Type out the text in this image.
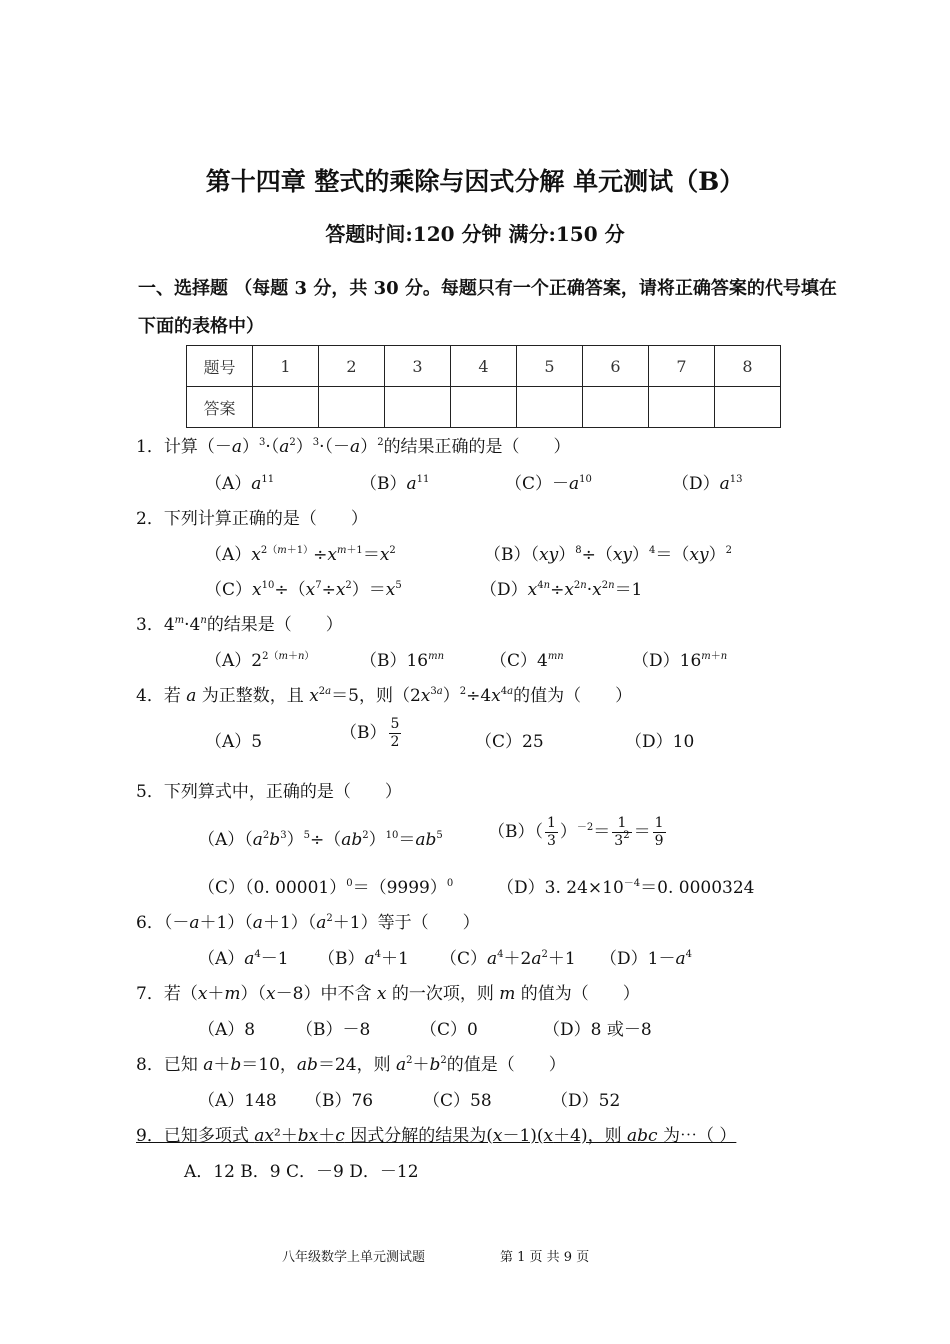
第十四章 整式的乘除与因式分解 单元测试（B）
答题时间:120 分钟 满分:150 分
一、选择题 （每题 3 分，共 30 分。每题只有一个正确答案，请将正确答案的代号填在
下面的表格中）
题号	1	2	3	4	5	6	7	8
答案								
1．计算$(-a)^3\cdot(a^2)^3\cdot(-a)^2$的结果正确的是（　　）
$(A)a^{11}$	$(B)a^{11}$	$(C)-a^{10}$	$(D)a^{13}$
2．下列计算正确的是（　　）
$(A)x^{2(m+1)}\div x^{m+1}=x^2$	（B）（xy）$^8$÷（xy）$^4$＝（xy）$^2$
$(C)x^{10}\div(x^7\div x^2)=x^5$	$(D)x^{4n}\div x^{2n}\cdot x^{2n}=1$
3．$4^m\cdot 4^n$的结果是（　　）
$(A)2^{2(m+n)}$	$(B)16^{mn}$	$(C)4^{mn}$	$(D)16^{m+n}$
4．若 a 为正整数，且 $x^{2a}=5$，则$(2x^{3a})^2\div 4x^{4a}$的值为（　　）
（A）5	$(B) \frac{5}{2}$	（C）25	（D）10
5．下列算式中，正确的是（　　）
$(A)(a^2b^3)^5\div(ab^2)^{10}=ab^5$	$(B)( \frac{1}{3} )^{-2}= \frac{1}{3^2} = \frac{1}{9}$
（C）（0. $00001)^0=(9999)^0$	（D）3. $24\times 10^{-4}=0$. 0000324
6．$(-a+1)(a+1)(a^2+1)$等于（　　）
$(A)a^4-1$ $(B)a^4+1$ $(C)a^4+2a^2+1$ $(D)1-a^4$
7．若（x＋m）（x－8）中不含 x 的一次项，则 m 的值为（　　）
（A）8 （B）－8	（C）0	（D）8 或－8
8．已知 a＋b＝10，ab＝24，则 $a^2+b^2$的值是（　　）
（A）148 （B）76	（C）58	（D）52
9．已知多项式 ax²＋bx＋c 因式分解的结果为(x－1)(x＋4)，则 abc 为⋯（ ）
A．12 B．9 C．－9 D．－12
八年级数学上单元测试题	第 1 页 共 9 页
